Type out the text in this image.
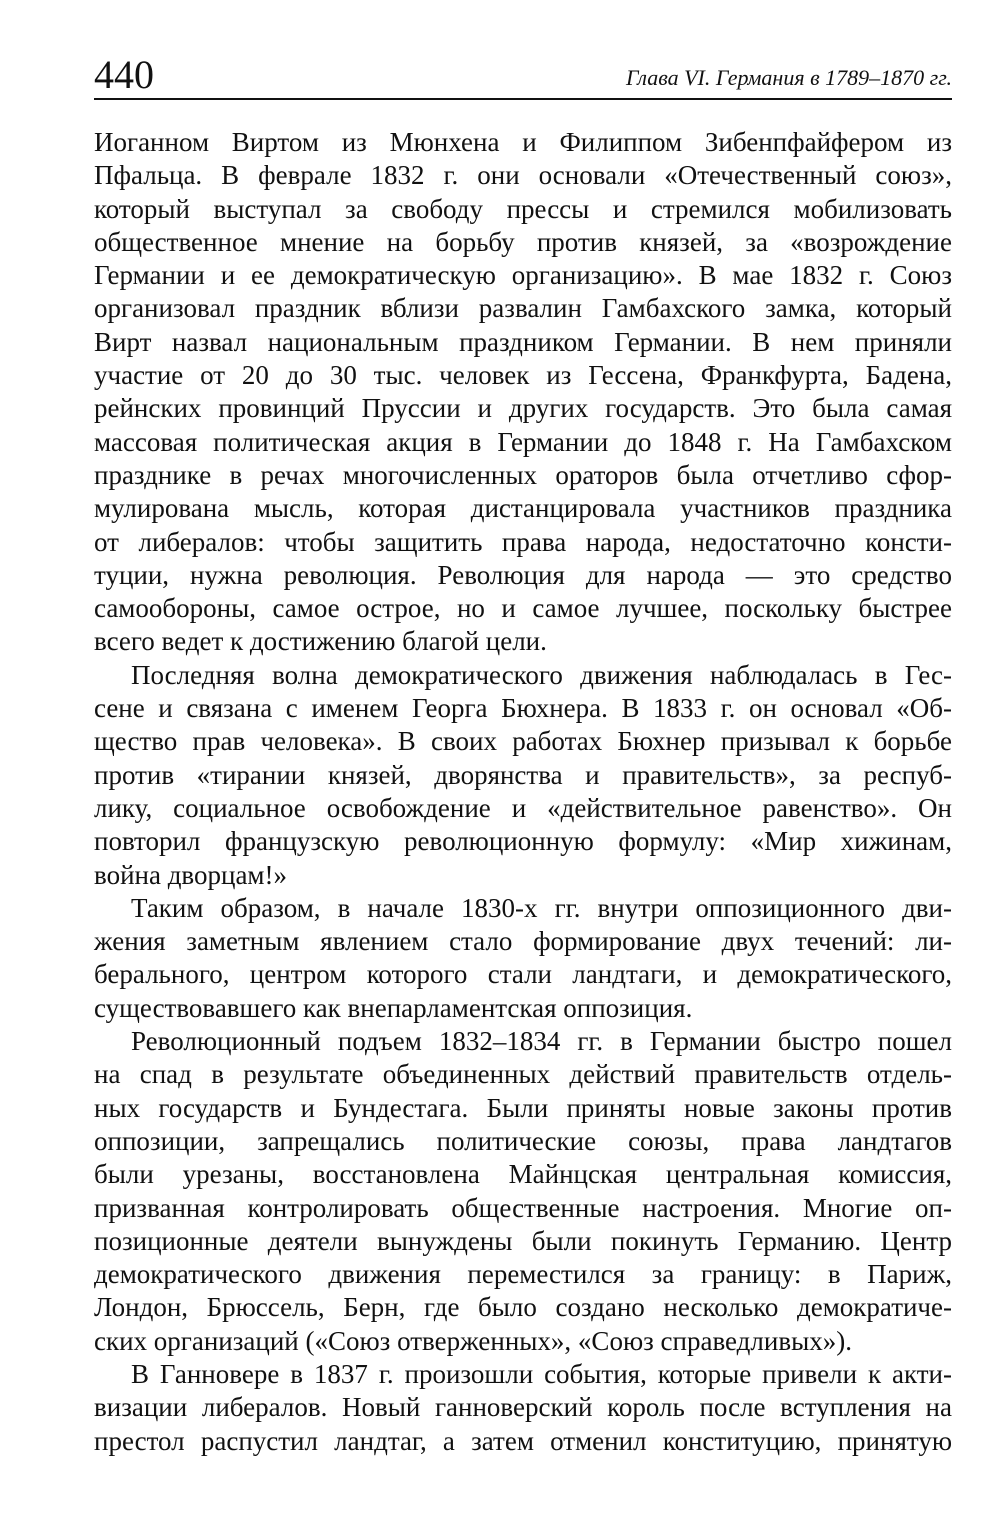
440	Глава VI. Германия в 1789–1870 гг.
Иоганном Виртом из Мюнхена и Филиппом Зибенпфайфером из
Пфальца. В феврале 1832 г. они основали «Отечественный союз»,
который выступал за свободу прессы и стремился мобилизовать
общественное мнение на борьбу против князей, за «возрождение
Германии и ее демократическую организацию». В мае 1832 г. Союз
организовал праздник вблизи развалин Гамбахского замка, который
Вирт назвал национальным праздником Германии. В нем приняли
участие от 20 до 30 тыс. человек из Гессена, Франкфурта, Бадена,
рейнских провинций Пруссии и других государств. Это была самая
массовая политическая акция в Германии до 1848 г. На Гамбахском
празднике в речах многочисленных ораторов была отчетливо сфор-
мулирована мысль, которая дистанцировала участников праздника
от либералов: чтобы защитить права народа, недостаточно консти-
туции, нужна революция. Революция для народа — это средство
самообороны, самое острое, но и самое лучшее, поскольку быстрее
всего ведет к достижению благой цели.
Последняя волна демократического движения наблюдалась в Гес-
сене и связана с именем Георга Бюхнера. В 1833 г. он основал «Об-
щество прав человека». В своих работах Бюхнер призывал к борьбе
против «тирании князей, дворянства и правительств», за респуб-
лику, социальное освобождение и «действительное равенство». Он
повторил французскую революционную формулу: «Мир хижинам,
война дворцам!»
Таким образом, в начале 1830-х гг. внутри оппозиционного дви-
жения заметным явлением стало формирование двух течений: ли-
берального, центром которого стали ландтаги, и демократического,
существовавшего как внепарламентская оппозиция.
Революционный подъем 1832–1834 гг. в Германии быстро пошел
на спад в результате объединенных действий правительств отдель-
ных государств и Бундестага. Были приняты новые законы против
оппозиции, запрещались политические союзы, права ландтагов
были урезаны, восстановлена Майнцская центральная комиссия,
призванная контролировать общественные настроения. Многие оп-
позиционные деятели вынуждены были покинуть Германию. Центр
демократического движения переместился за границу: в Париж,
Лондон, Брюссель, Берн, где было создано несколько демократиче-
ских организаций («Союз отверженных», «Союз справедливых»).
В Ганновере в 1837 г. произошли события, которые привели к акти-
визации либералов. Новый ганноверский король после вступления на
престол распустил ландтаг, а затем отменил конституцию, принятую
